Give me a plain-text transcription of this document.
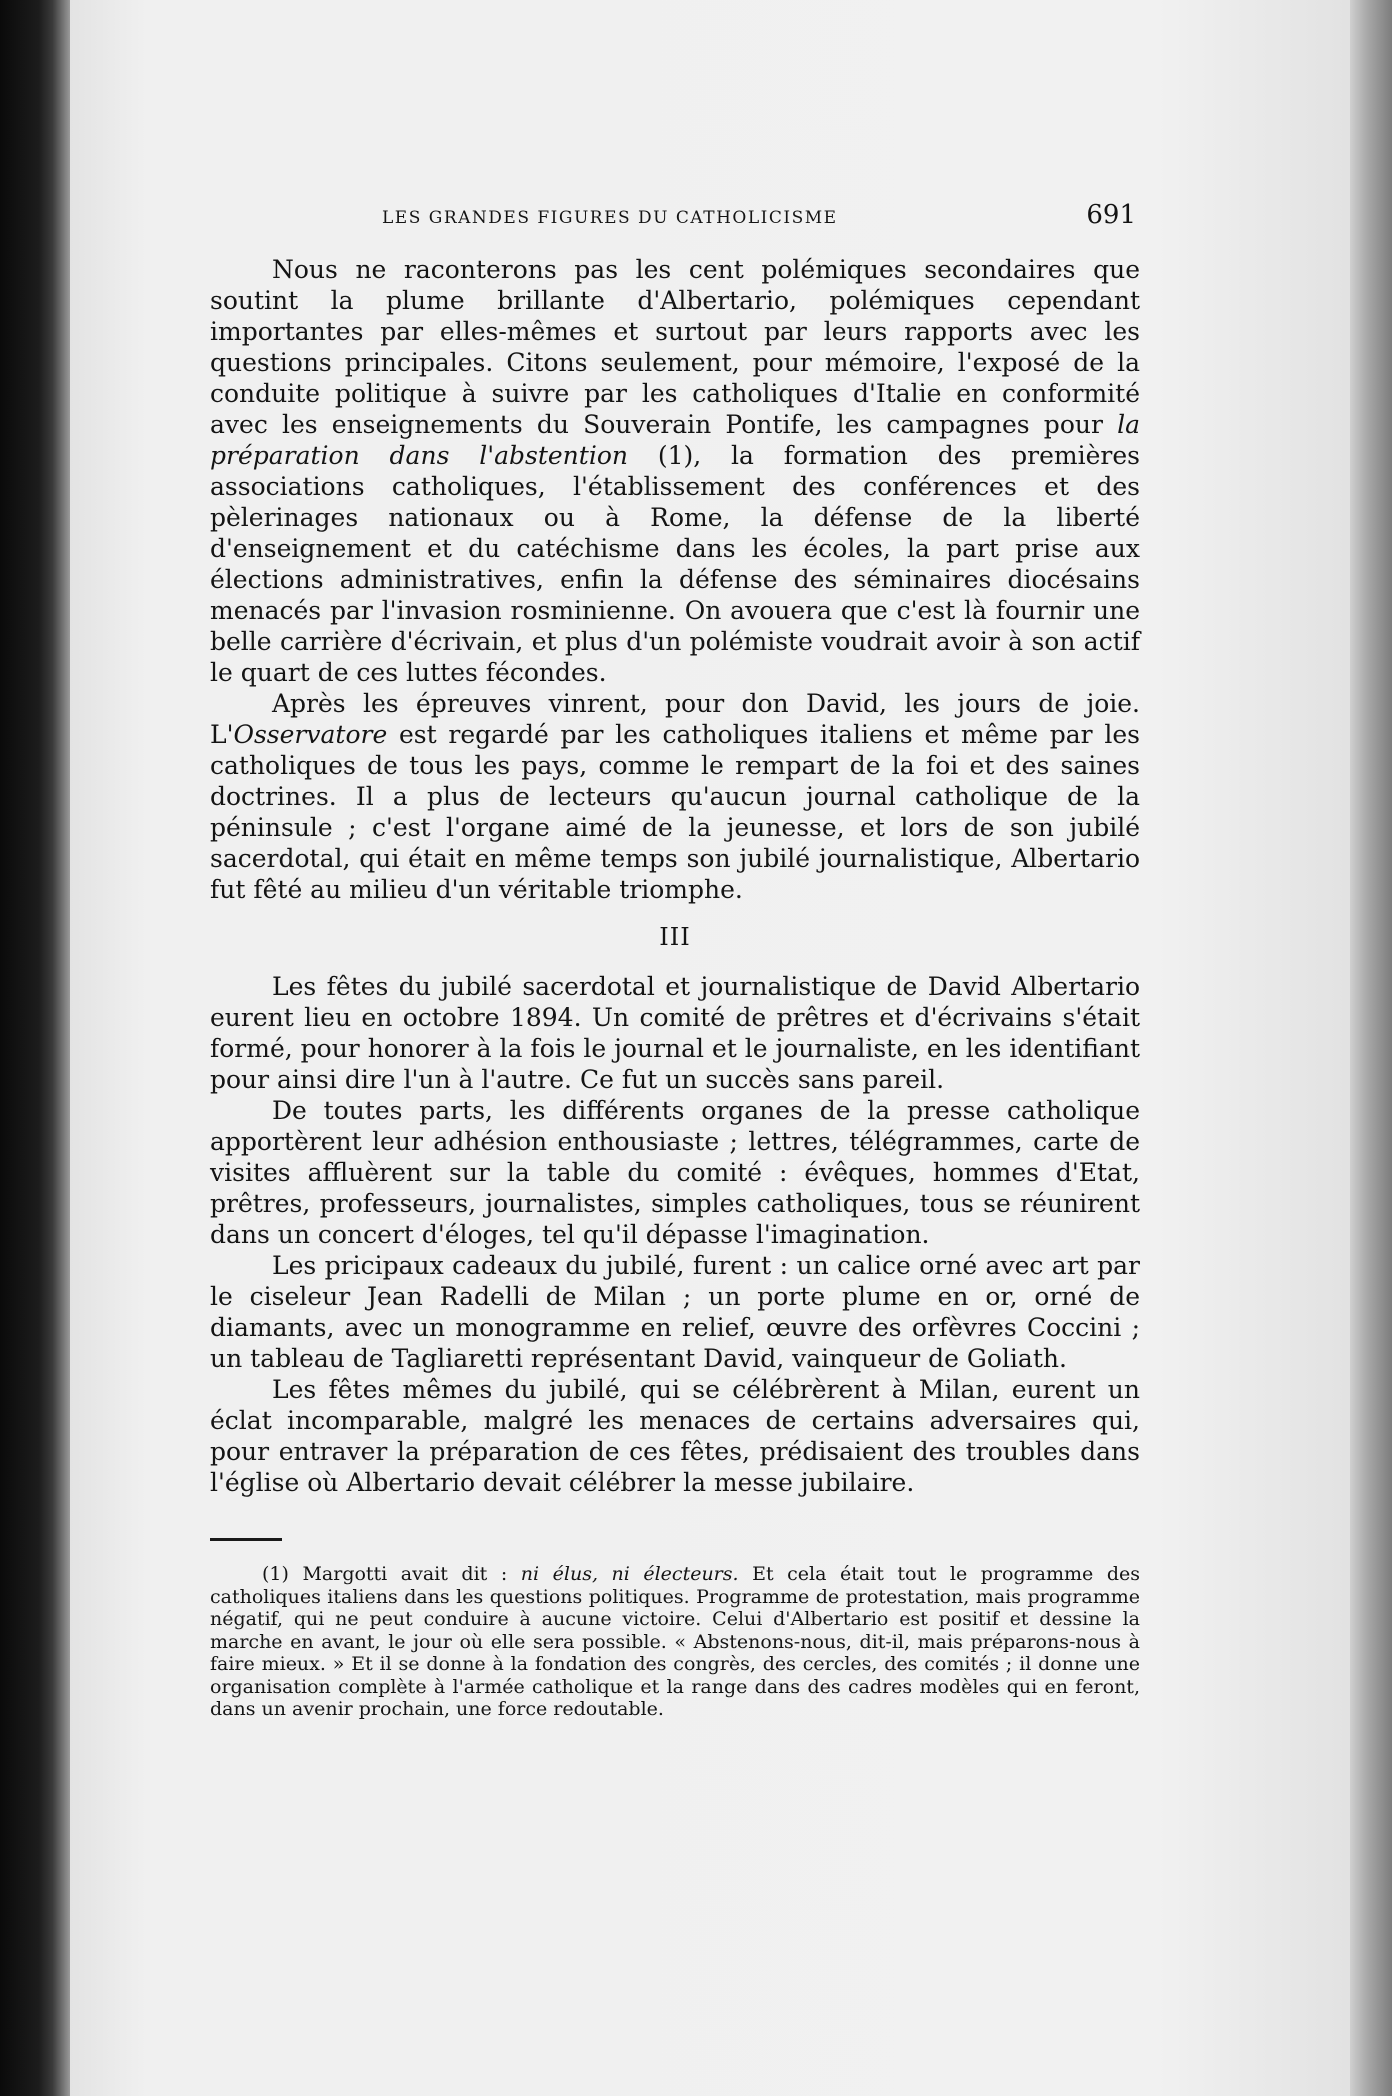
LES GRANDES FIGURES DU CATHOLICISME	691

Nous ne raconterons pas les cent polémiques secondaires que soutint la plume brillante d'Albertario, polémiques cependant importantes par elles-mêmes et surtout par leurs rapports avec les questions principales. Citons seulement, pour mémoire, l'exposé de la conduite politique à suivre par les catholiques d'Italie en conformité avec les enseignements du Souverain Pontife, les campagnes pour la préparation dans l'abstention (1), la formation des premières associations catholiques, l'établissement des conférences et des pèlerinages nationaux ou à Rome, la défense de la liberté d'enseignement et du catéchisme dans les écoles, la part prise aux élections administratives, enfin la défense des séminaires diocésains menacés par l'invasion rosminienne. On avouera que c'est là fournir une belle carrière d'écrivain, et plus d'un polémiste voudrait avoir à son actif le quart de ces luttes fécondes.

Après les épreuves vinrent, pour don David, les jours de joie. L'Osservatore est regardé par les catholiques italiens et même par les catholiques de tous les pays, comme le rempart de la foi et des saines doctrines. Il a plus de lecteurs qu'aucun journal catholique de la péninsule ; c'est l'organe aimé de la jeunesse, et lors de son jubilé sacerdotal, qui était en même temps son jubilé journalistique, Albertario fut fêté au milieu d'un véritable triomphe.

III

Les fêtes du jubilé sacerdotal et journalistique de David Albertario eurent lieu en octobre 1894. Un comité de prêtres et d'écrivains s'était formé, pour honorer à la fois le journal et le journaliste, en les identifiant pour ainsi dire l'un à l'autre. Ce fut un succès sans pareil.

De toutes parts, les différents organes de la presse catholique apportèrent leur adhésion enthousiaste ; lettres, télégrammes, carte de visites affluèrent sur la table du comité : évêques, hommes d'Etat, prêtres, professeurs, journalistes, simples catholiques, tous se réunirent dans un concert d'éloges, tel qu'il dépasse l'imagination.

Les pricipaux cadeaux du jubilé, furent : un calice orné avec art par le ciseleur Jean Radelli de Milan ; un porte plume en or, orné de diamants, avec un monogramme en relief, œuvre des orfèvres Coccini ; un tableau de Tagliaretti représentant David, vainqueur de Goliath.

Les fêtes mêmes du jubilé, qui se célébrèrent à Milan, eurent un éclat incomparable, malgré les menaces de certains adversaires qui, pour entraver la préparation de ces fêtes, prédisaient des troubles dans l'église où Albertario devait célébrer la messe jubilaire.

(1) Margotti avait dit : ni élus, ni électeurs. Et cela était tout le programme des catholiques italiens dans les questions politiques. Programme de protestation, mais programme négatif, qui ne peut conduire à aucune victoire. Celui d'Albertario est positif et dessine la marche en avant, le jour où elle sera possible. « Abstenons-nous, dit-il, mais préparons-nous à faire mieux. » Et il se donne à la fondation des congrès, des cercles, des comités ; il donne une organisation complète à l'armée catholique et la range dans des cadres modèles qui en feront, dans un avenir prochain, une force redoutable.
